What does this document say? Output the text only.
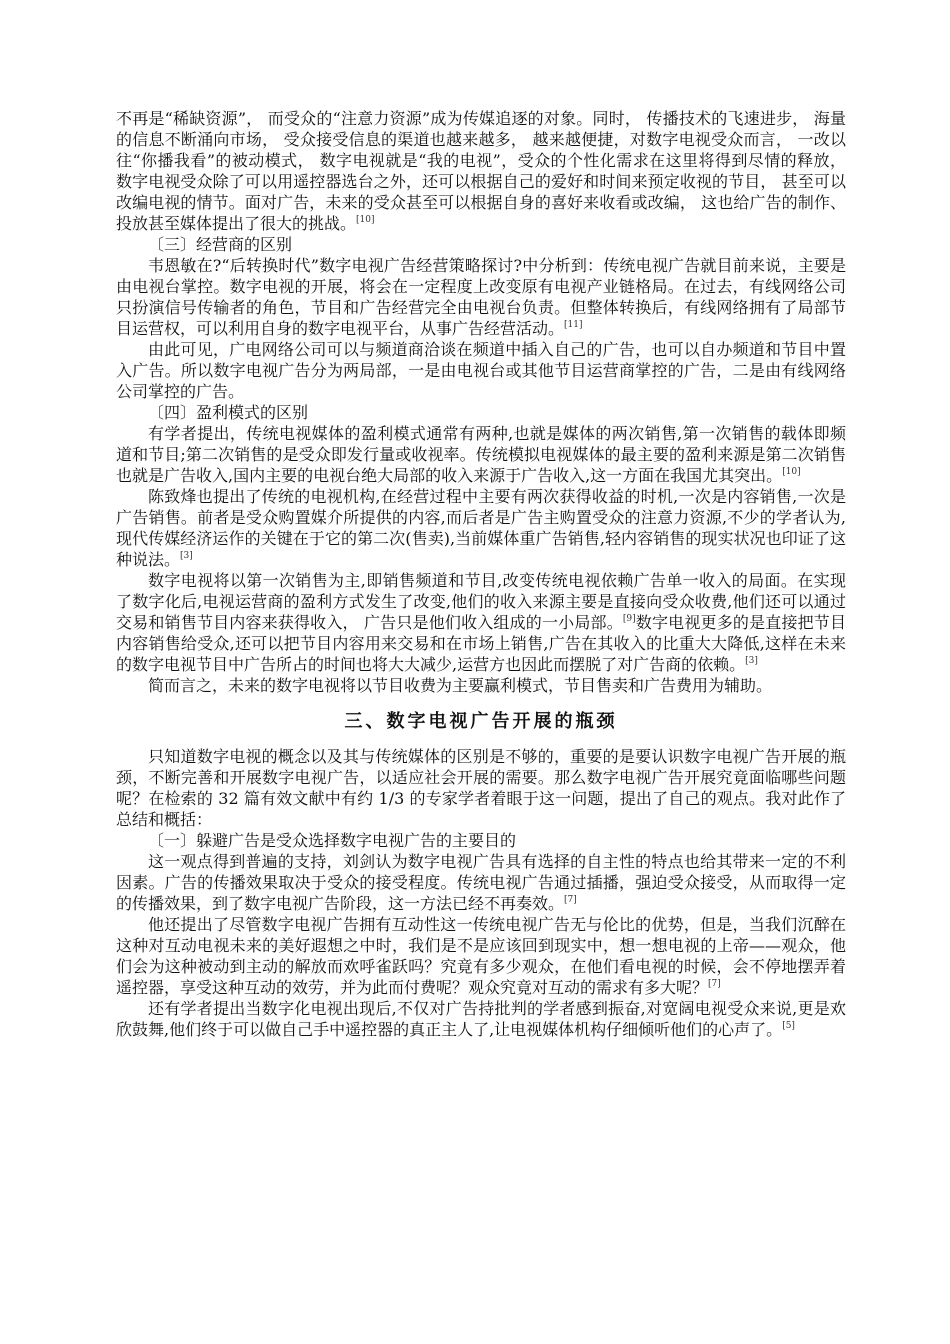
不再是“稀缺资源”， 而受众的“注意力资源”成为传媒追逐的对象。同时， 传播技术的飞速进步， 海量的信息不断涌向市场， 受众接受信息的渠道也越来越多， 越来越便捷，对数字电视受众而言， 一改以往“你播我看”的被动模式， 数字电视就是“我的电视”，受众的个性化需求在这里将得到尽情的释放， 数字电视受众除了可以用遥控器选台之外，还可以根据自己的爱好和时间来预定收视的节目， 甚至可以改编电视的情节。面对广告，未来的受众甚至可以根据自身的喜好来收看或改编， 这也给广告的制作、投放甚至媒体提出了很大的挑战。[10]

〔三〕经营商的区别

韦恩敏在?“后转换时代”数字电视广告经营策略探讨?中分析到：传统电视广告就目前来说，主要是由电视台掌控。数字电视的开展，将会在一定程度上改变原有电视产业链格局。在过去，有线网络公司只扮演信号传输者的角色，节目和广告经营完全由电视台负责。但整体转换后，有线网络拥有了局部节目运营权，可以利用自身的数字电视平台，从事广告经营活动。[11]

由此可见，广电网络公司可以与频道商洽谈在频道中插入自己的广告，也可以自办频道和节目中置入广告。所以数字电视广告分为两局部，一是由电视台或其他节目运营商掌控的广告，二是由有线网络公司掌控的广告。

〔四〕盈利模式的区别

有学者提出，传统电视媒体的盈利模式通常有两种,也就是媒体的两次销售,第一次销售的载体即频道和节目;第二次销售的是受众即发行量或收视率。传统模拟电视媒体的最主要的盈利来源是第二次销售也就是广告收入,国内主要的电视台绝大局部的收入来源于广告收入,这一方面在我国尤其突出。[10]

陈致烽也提出了传统的电视机构,在经营过程中主要有两次获得收益的时机,一次是内容销售,一次是广告销售。前者是受众购置媒介所提供的内容,而后者是广告主购置受众的注意力资源,不少的学者认为,现代传媒经济运作的关键在于它的第二次(售卖),当前媒体重广告销售,轻内容销售的现实状况也印证了这种说法。[3]

数字电视将以第一次销售为主,即销售频道和节目,改变传统电视依赖广告单一收入的局面。在实现了数字化后,电视运营商的盈利方式发生了改变,他们的收入来源主要是直接向受众收费,他们还可以通过交易和销售节目内容来获得收入， 广告只是他们收入组成的一小局部。[9]数字电视更多的是直接把节目内容销售给受众,还可以把节目内容用来交易和在市场上销售,广告在其收入的比重大大降低,这样在未来的数字电视节目中广告所占的时间也将大大减少,运营方也因此而摆脱了对广告商的依赖。[3]

简而言之，未来的数字电视将以节目收费为主要赢利模式，节目售卖和广告费用为辅助。

三、数字电视广告开展的瓶颈

只知道数字电视的概念以及其与传统媒体的区别是不够的，重要的是要认识数字电视广告开展的瓶颈，不断完善和开展数字电视广告，以适应社会开展的需要。那么数字电视广告开展究竟面临哪些问题呢？在检索的 32 篇有效文献中有约 1/3 的专家学者着眼于这一问题，提出了自己的观点。我对此作了总结和概括：

〔一〕躲避广告是受众选择数字电视广告的主要目的

这一观点得到普遍的支持，刘剑认为数字电视广告具有选择的自主性的特点也给其带来一定的不利因素。广告的传播效果取决于受众的接受程度。传统电视广告通过插播，强迫受众接受，从而取得一定的传播效果，到了数字电视广告阶段，这一方法已经不再奏效。[7]

他还提出了尽管数字电视广告拥有互动性这一传统电视广告无与伦比的优势，但是，当我们沉醉在这种对互动电视未来的美好遐想之中时，我们是不是应该回到现实中，想一想电视的上帝——观众，他们会为这种被动到主动的解放而欢呼雀跃吗？究竟有多少观众，在他们看电视的时候，会不停地摆弄着遥控器，享受这种互动的效劳，并为此而付费呢？观众究竟对互动的需求有多大呢？[7]

还有学者提出当数字化电视出现后,不仅对广告持批判的学者感到振奋,对宽阔电视受众来说,更是欢欣鼓舞,他们终于可以做自己手中遥控器的真正主人了,让电视媒体机构仔细倾听他们的心声了。[5]
